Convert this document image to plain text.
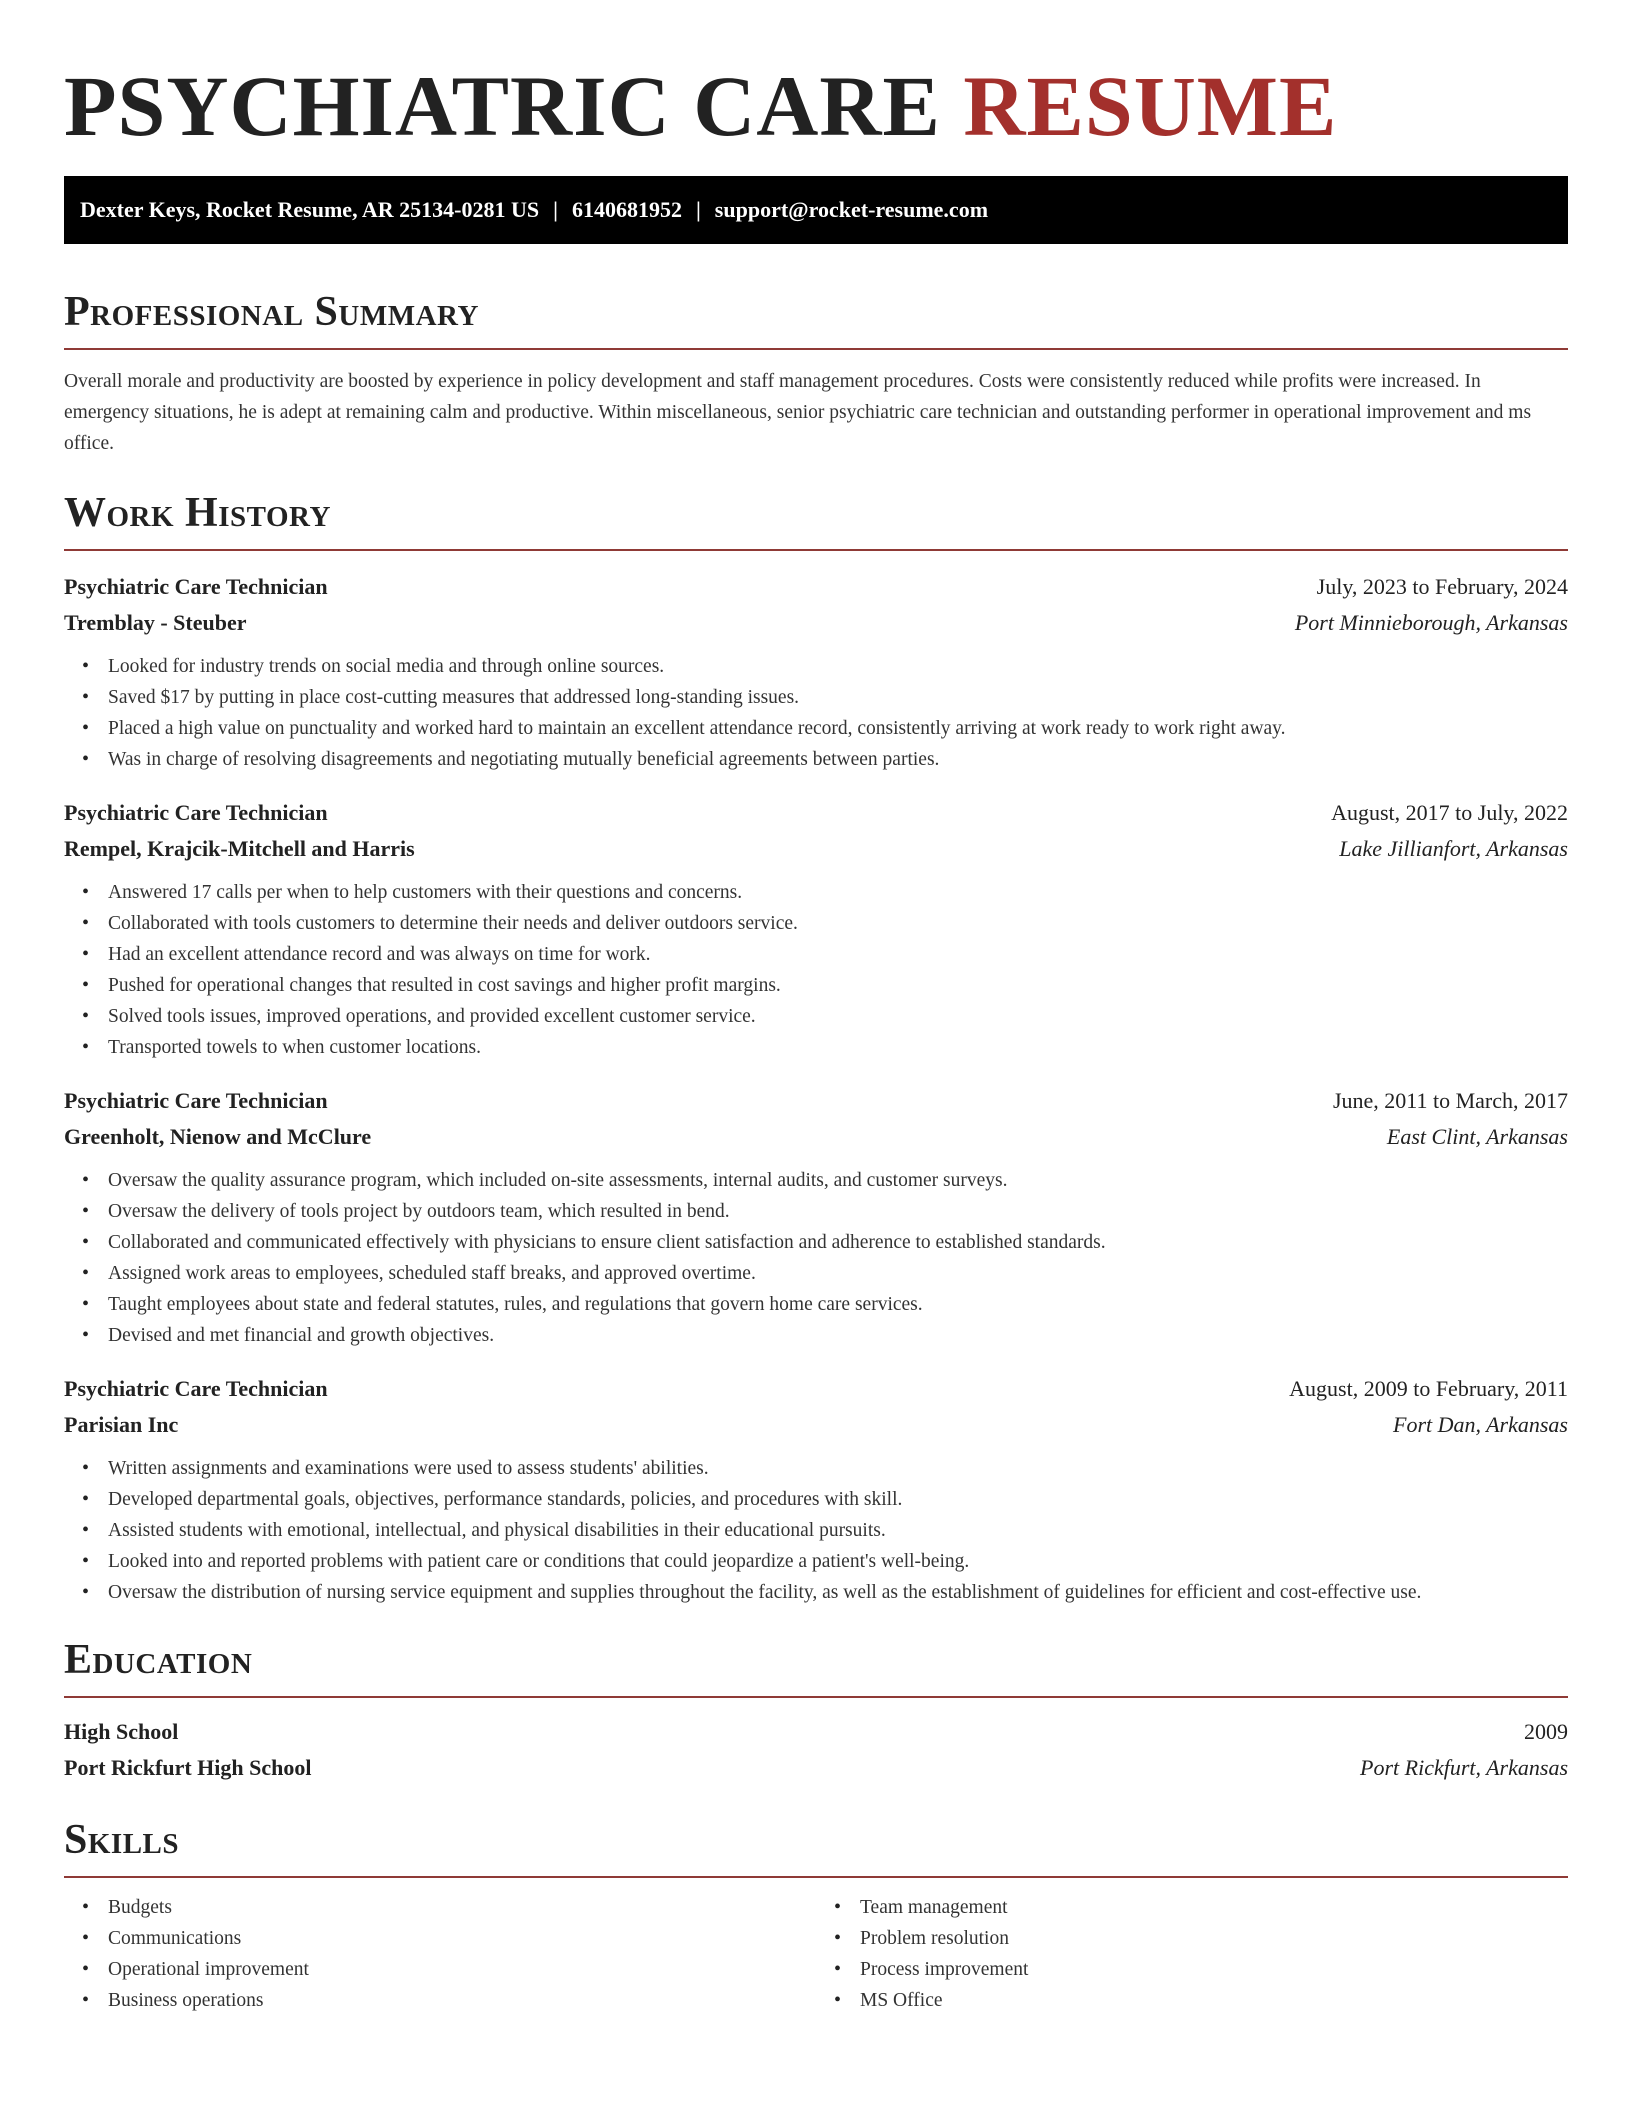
PSYCHIATRIC CARE RESUME
Dexter Keys, Rocket Resume, AR 25134-0281 US | 6140681952 | support@rocket-resume.com
Professional Summary

Overall morale and productivity are boosted by experience in policy development and staff management procedures. Costs were consistently reduced while profits were increased. In emergency situations, he is adept at remaining calm and productive. Within miscellaneous, senior psychiatric care technician and outstanding performer in operational improvement and ms office.

Work History
Psychiatric Care Technician	July, 2023 to February, 2024
Tremblay - Steuber	Port Minnieborough, Arkansas
• Looked for industry trends on social media and through online sources.
• Saved $17 by putting in place cost-cutting measures that addressed long-standing issues.
• Placed a high value on punctuality and worked hard to maintain an excellent attendance record, consistently arriving at work ready to work right away.
• Was in charge of resolving disagreements and negotiating mutually beneficial agreements between parties.
Psychiatric Care Technician	August, 2017 to July, 2022
Rempel, Krajcik-Mitchell and Harris	Lake Jillianfort, Arkansas
• Answered 17 calls per when to help customers with their questions and concerns.
• Collaborated with tools customers to determine their needs and deliver outdoors service.
• Had an excellent attendance record and was always on time for work.
• Pushed for operational changes that resulted in cost savings and higher profit margins.
• Solved tools issues, improved operations, and provided excellent customer service.
• Transported towels to when customer locations.
Psychiatric Care Technician	June, 2011 to March, 2017
Greenholt, Nienow and McClure	East Clint, Arkansas
• Oversaw the quality assurance program, which included on-site assessments, internal audits, and customer surveys.
• Oversaw the delivery of tools project by outdoors team, which resulted in bend.
• Collaborated and communicated effectively with physicians to ensure client satisfaction and adherence to established standards.
• Assigned work areas to employees, scheduled staff breaks, and approved overtime.
• Taught employees about state and federal statutes, rules, and regulations that govern home care services.
• Devised and met financial and growth objectives.
Psychiatric Care Technician	August, 2009 to February, 2011
Parisian Inc	Fort Dan, Arkansas
• Written assignments and examinations were used to assess students' abilities.
• Developed departmental goals, objectives, performance standards, policies, and procedures with skill.
• Assisted students with emotional, intellectual, and physical disabilities in their educational pursuits.
• Looked into and reported problems with patient care or conditions that could jeopardize a patient's well-being.
• Oversaw the distribution of nursing service equipment and supplies throughout the facility, as well as the establishment of guidelines for efficient and cost-effective use.
Education
High School	2009
Port Rickfurt High School	Port Rickfurt, Arkansas
Skills
• Budgets
• Communications
• Operational improvement
• Business operations
• Team management
• Problem resolution
• Process improvement
• MS Office
